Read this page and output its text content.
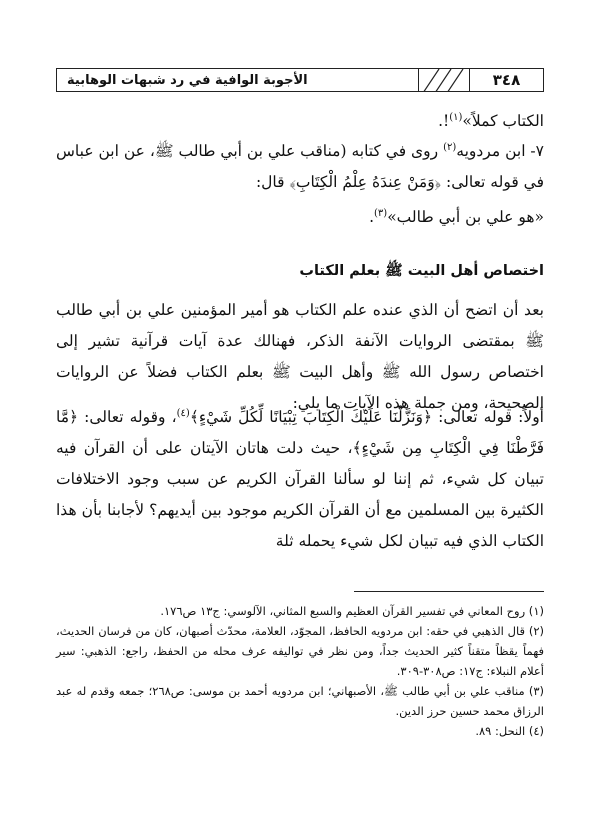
٣٤٨
الأجوبة الوافية في رد شبهات الوهابية
الكتاب كملاً»$^{(١)}$!.
٧- ابن مردويه$^{(٢)}$ روى في كتابه (مناقب علي بن أبي طالب ﷺ، عن ابن عباس في قوله تعالى: ﴿وَمَنْ عِندَهُ عِلْمُ الْكِتَابِ﴾ قال:
«هو علي بن أبي طالب»$^{(٣)}$.
اختصاص أهل البيت ﷺ بعلم الكتاب
بعد أن اتضح أن الذي عنده علم الكتاب هو أمير المؤمنين علي بن أبي طالب ﷺ بمقتضى الروايات الآنفة الذكر، فهنالك عدة آيات قرآنية تشير إلى اختصاص رسول الله ﷺ وأهل البيت ﷺ بعلم الكتاب فضلاً عن الروايات الصحيحة، ومن جملة هذه الآيات ما يلي:
أولاً: قوله تعالى: ﴿وَنَزَّلْنَا عَلَيْكَ الْكِتَابَ تِبْيَانًا لِّكُلِّ شَيْءٍ﴾$^{(٤)}$، وقوله تعالى: ﴿مَّا فَرَّطْنَا فِي الْكِتَابِ مِن شَيْءٍ﴾، حيث دلت هاتان الآيتان على أن القرآن فيه تبيان كل شيء، ثم إننا لو سألنا القرآن الكريم عن سبب وجود الاختلافات الكثيرة بين المسلمين مع أن القرآن الكريم موجود بين أيديهم؟ لأجابنا بأن هذا الكتاب الذي فيه تبيان لكل شيء يحمله ثلة

(١) روح المعاني في تفسير القرآن العظيم والسبع المثاني، الآلوسي: ج١٣ ص١٧٦.

(٢) قال الذهبي في حقه: ابن مردويه الحافظ، المجوّد، العلامة، محدّث أصبهان، كان من فرسان الحديث، فهماً يقظاً متقناً كثير الحديث جداً، ومن نظر في تواليفه عرف محله من الحفظ، راجع: الذهبي: سير أعلام النبلاء: ج١٧: ص٣٠٨-٣٠٩.

(٣) مناقب علي بن أبي طالب ﷺ، الأصبهاني؛ ابن مردويه أحمد بن موسى: ص٢٦٨؛ جمعه وقدم له عبد الرزاق محمد حسين حرز الدين.

(٤) النحل: ٨٩.
